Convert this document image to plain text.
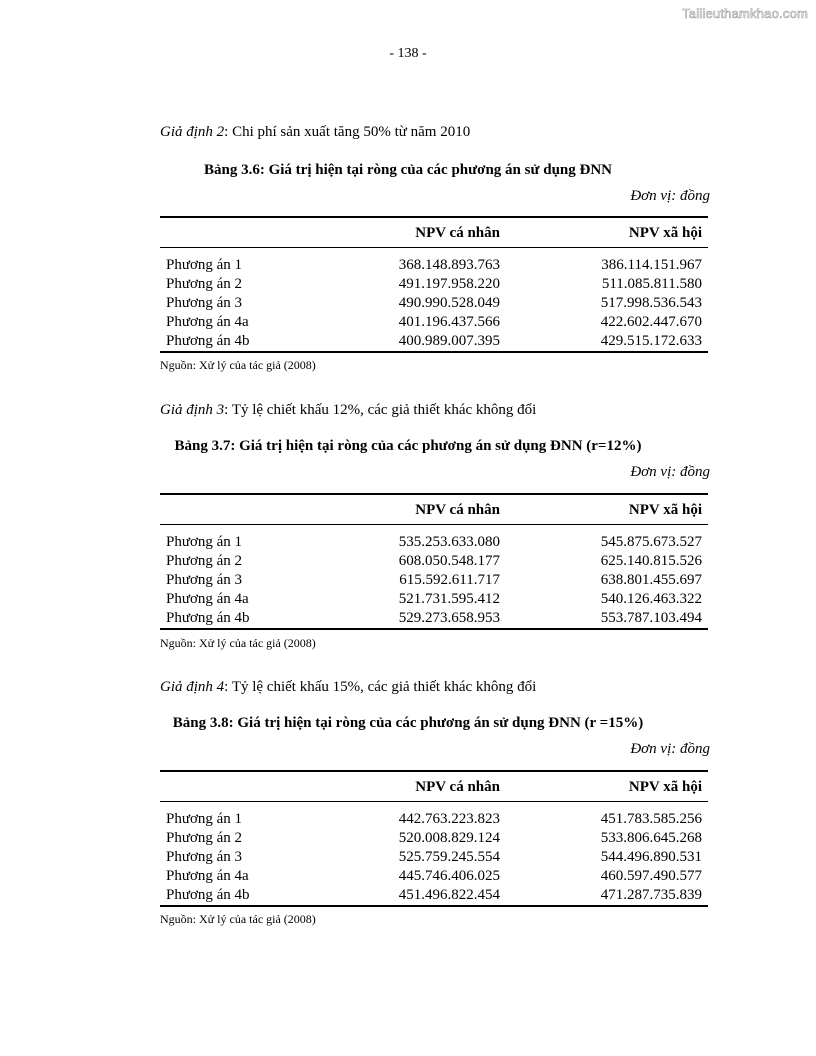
Tailieuthamkhao.com
- 138 -
Giả định 2: Chi phí sản xuất tăng 50% từ năm 2010
Bảng 3.6: Giá trị hiện tại ròng của các phương án sử dụng ĐNN
Đơn vị: đồng
	NPV cá nhân	NPV xã hội
Phương án 1	368.148.893.763	386.114.151.967
Phương án 2	491.197.958.220	511.085.811.580
Phương án 3	490.990.528.049	517.998.536.543
Phương án 4a	401.196.437.566	422.602.447.670
Phương án 4b	400.989.007.395	429.515.172.633
Nguồn: Xử lý của tác giả (2008)
Giả định 3: Tỷ lệ chiết khấu 12%, các giả thiết khác không đổi
Bảng 3.7: Giá trị hiện tại ròng của các phương án sử dụng ĐNN (r=12%)
Đơn vị: đồng
	NPV cá nhân	NPV xã hội
Phương án 1	535.253.633.080	545.875.673.527
Phương án 2	608.050.548.177	625.140.815.526
Phương án 3	615.592.611.717	638.801.455.697
Phương án 4a	521.731.595.412	540.126.463.322
Phương án 4b	529.273.658.953	553.787.103.494
Nguồn: Xử lý của tác giả (2008)
Giả định 4: Tỷ lệ chiết khấu 15%, các giả thiết khác không đổi
Bảng 3.8: Giá trị hiện tại ròng của các phương án sử dụng ĐNN (r =15%)
Đơn vị: đồng
	NPV cá nhân	NPV xã hội
Phương án 1	442.763.223.823	451.783.585.256
Phương án 2	520.008.829.124	533.806.645.268
Phương án 3	525.759.245.554	544.496.890.531
Phương án 4a	445.746.406.025	460.597.490.577
Phương án 4b	451.496.822.454	471.287.735.839
Nguồn: Xử lý của tác giả (2008)
